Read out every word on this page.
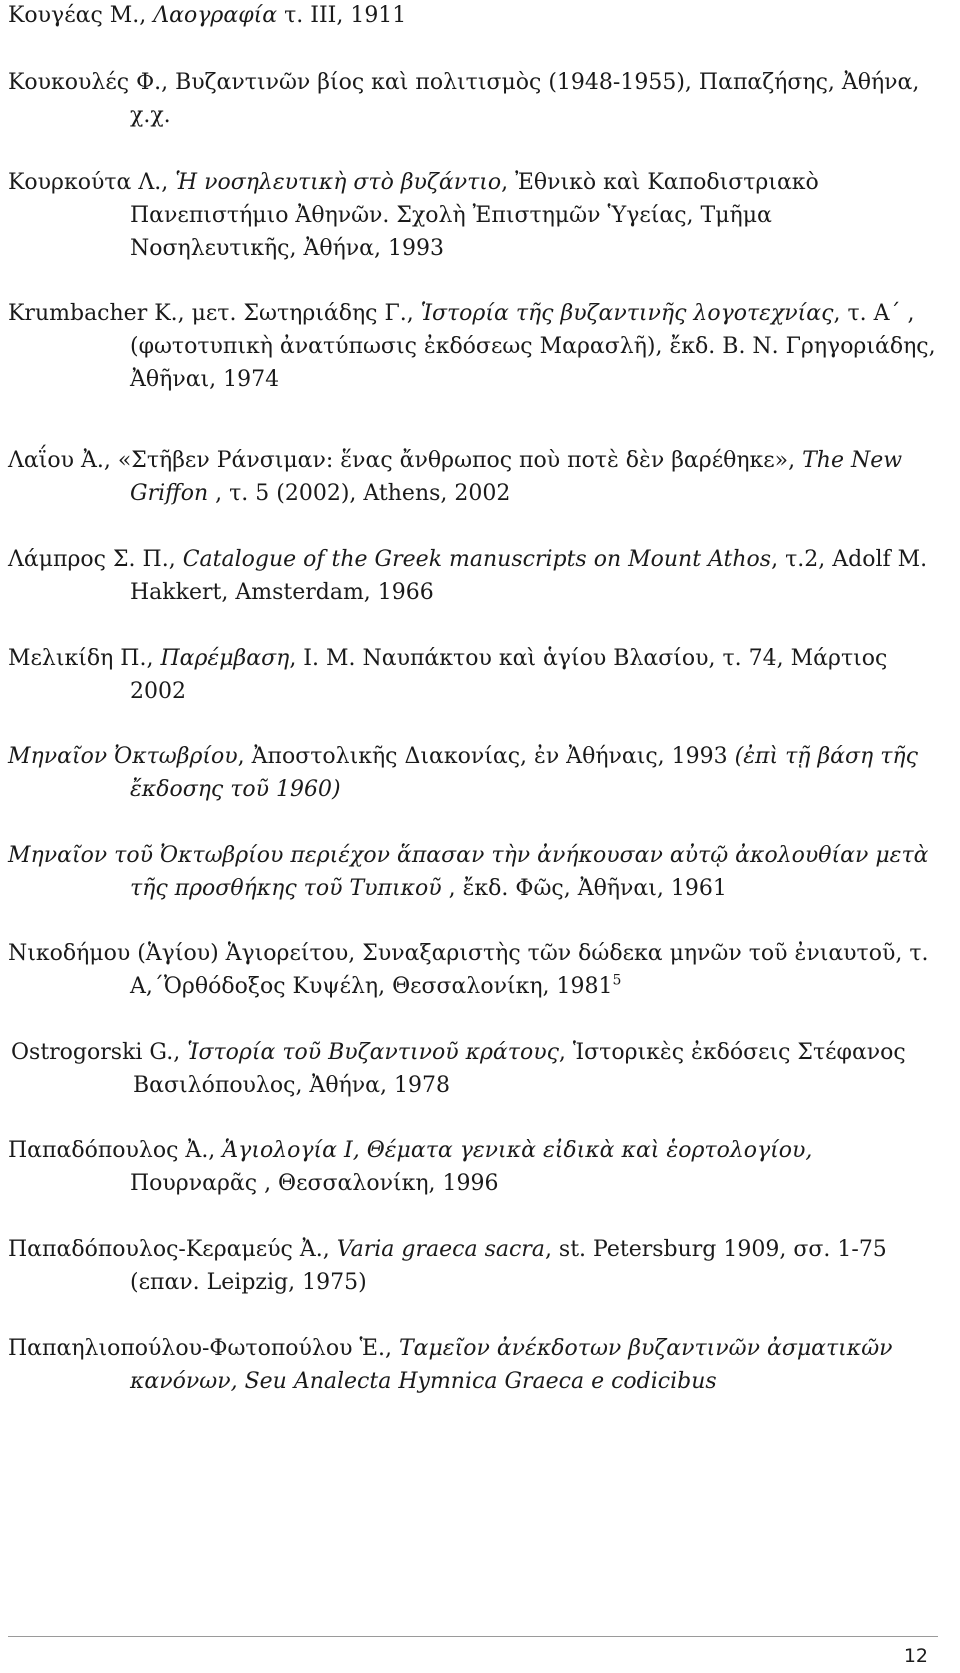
Κουγέας Μ., Λαογραφία τ. ΙΙΙ, 1911
Κουκουλές Φ., Βυζαντινῶν βίος καὶ πολιτισμὸς (1948-1955), Παπαζήσης, Ἀθήνα, χ.χ.
Κουρκούτα Λ., Ἡ νοσηλευτικὴ στὸ βυζάντιο, Ἐθνικὸ καὶ Καποδιστριακὸ Πανεπιστήμιο Ἀθηνῶν. Σχολὴ Ἐπιστημῶν Ὑγείας, Τμῆμα Νοσηλευτικῆς, Ἀθήνα, 1993
Krumbacher K., μετ. Σωτηριάδης Γ., Ἱστορία τῆς βυζαντινῆς λογοτεχνίας, τ. Α΄ , (φωτοτυπικὴ ἀνατύπωσις ἐκδόσεως Μαρασλῆ), ἔκδ. Β. Ν. Γρηγοριάδης, Ἀθῆναι, 1974
Λαΐου Ἀ., «Στῆβεν Ράνσιμαν: ἕνας ἄνθρωπος ποὺ ποτὲ δὲν βαρέθηκε», The New Griffon , τ. 5 (2002), Athens, 2002
Λάμπρος Σ. Π., Catalogue of the Greek manuscripts on Mount Athos, τ.2, Adolf M. Hakkert, Amsterdam, 1966
Μελικίδη Π., Παρέμβαση, Ι. Μ. Ναυπάκτου καὶ ἁγίου Βλασίου, τ. 74, Μάρτιος 2002
Μηναῖον Ὀκτωβρίου, Ἀποστολικῆς Διακονίας, ἐν Ἀθήναις, 1993 (ἐπὶ τῇ βάση τῆς ἔκδοσης τοῦ 1960)
Μηναῖον τοῦ Ὀκτωβρίου περιέχον ἅπασαν τὴν ἀνήκουσαν αὐτῷ ἀκολουθίαν μετὰ τῆς προσθήκης τοῦ Τυπικοῦ , ἔκδ. Φῶς, Ἀθῆναι, 1961
Νικοδήμου (Ἁγίου) Ἁγιορείτου, Συναξαριστὴς τῶν δώδεκα μηνῶν τοῦ ἐνιαυτοῦ, τ. Α,΄Ὀρθόδοξος Κυψέλη, Θεσσαλονίκη, 1981$^5$
Ostrogorski G., Ἱστορία τοῦ Βυζαντινοῦ κράτους, Ἱστορικὲς ἐκδόσεις Στέφανος Βασιλόπουλος, Ἀθήνα, 1978
Παπαδόπουλος Ἀ., Ἁγιολογία Ι, Θέματα γενικὰ εἰδικὰ καὶ ἑορτολογίου, Πουρναρᾶς , Θεσσαλονίκη, 1996
Παπαδόπουλος-Κεραμεύς Ἀ., Varia graeca sacra, st. Petersburg 1909, σσ. 1-75 (επαν. Leipzig, 1975)
Παπαηλιοπούλου-Φωτοπούλου Ἑ., Ταμεῖον ἀνέκδοτων βυζαντινῶν ἀσματικῶν κανόνων, Seu Analecta Hymnica Graeca e codicibus
12
